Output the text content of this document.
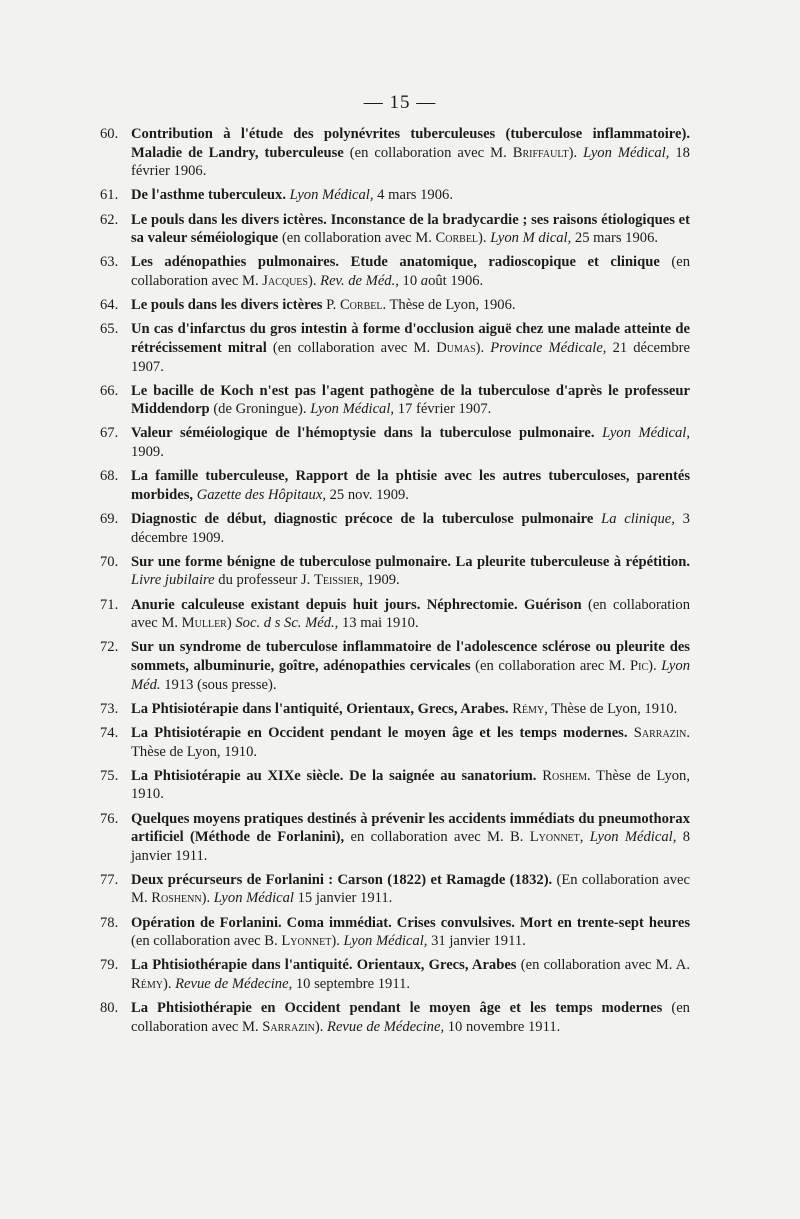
— 15 —
60. Contribution à l'étude des polynévrites tuberculeuses (tuberculose inflammatoire). Maladie de Landry, tuberculeuse (en collaboration avec M. Briffault). Lyon Médical, 18 février 1906.
61. De l'asthme tuberculeux. Lyon Médical, 4 mars 1906.
62. Le pouls dans les divers ictères. Inconstance de la bradycardie ; ses raisons étiologiques et sa valeur séméiologique (en collaboration avec M. Corbel). Lyon M dical, 25 mars 1906.
63. Les adénopathies pulmonaires. Etude anatomique, radioscopique et clinique (en collaboration avec M. Jacques). Rev. de Méd., 10 août 1906.
64. Le pouls dans les divers ictères P. Corbel. Thèse de Lyon, 1906.
65. Un cas d'infarctus du gros intestin à forme d'occlusion aiguë chez une malade atteinte de rétrécissement mitral (en collaboration avec M. Dumas). Province Médicale, 21 décembre 1907.
66. Le bacille de Koch n'est pas l'agent pathogène de la tuberculose d'après le professeur Middendorp (de Groningue). Lyon Médical, 17 février 1907.
67. Valeur séméiologique de l'hémoptysie dans la tuberculose pulmonaire. Lyon Médical, 1909.
68. La famille tuberculeuse, Rapport de la phtisie avec les autres tuberculoses, parentés morbides, Gazette des Hôpitaux, 25 nov. 1909.
69. Diagnostic de début, diagnostic précoce de la tuberculose pulmonaire La clinique, 3 décembre 1909.
70. Sur une forme bénigne de tuberculose pulmonaire. La pleurite tuberculeuse à répétition. Livre jubilaire du professeur J. Teissier, 1909.
71. Anurie calculeuse existant depuis huit jours. Néphrectomie. Guérison (en collaboration avec M. Muller) Soc. d s Sc. Méd., 13 mai 1910.
72. Sur un syndrome de tuberculose inflammatoire de l'adolescence sclérose ou pleurite des sommets, albuminurie, goître, adénopathies cervicales (en collaboration arec M. Pic). Lyon Méd. 1913 (sous presse).
73. La Phtisiotérapie dans l'antiquité, Orientaux, Grecs, Arabes. Rémy, Thèse de Lyon, 1910.
74. La Phtisiotérapie en Occident pendant le moyen âge et les temps modernes. Sarrazin. Thèse de Lyon, 1910.
75. La Phtisiotérapie au XIXe siècle. De la saignée au sanatorium. Roshem. Thèse de Lyon, 1910.
76. Quelques moyens pratiques destinés à prévenir les accidents immédiats du pneumothorax artificiel (Méthode de Forlanini), en collaboration avec M. B. Lyonnet, Lyon Médical, 8 janvier 1911.
77. Deux précurseurs de Forlanini : Carson (1822) et Ramagde (1832). (En collaboration avec M. Roshenn). Lyon Médical 15 janvier 1911.
78. Opération de Forlanini. Coma immédiat. Crises convulsives. Mort en trente-sept heures (en collaboration avec B. Lyonnet). Lyon Médical, 31 janvier 1911.
79. La Phtisiothérapie dans l'antiquité. Orientaux, Grecs, Arabes (en collaboration avec M. A. Rémy). Revue de Médecine, 10 septembre 1911.
80. La Phtisiothérapie en Occident pendant le moyen âge et les temps modernes (en collaboration avec M. Sarrazin). Revue de Médecine, 10 novembre 1911.
